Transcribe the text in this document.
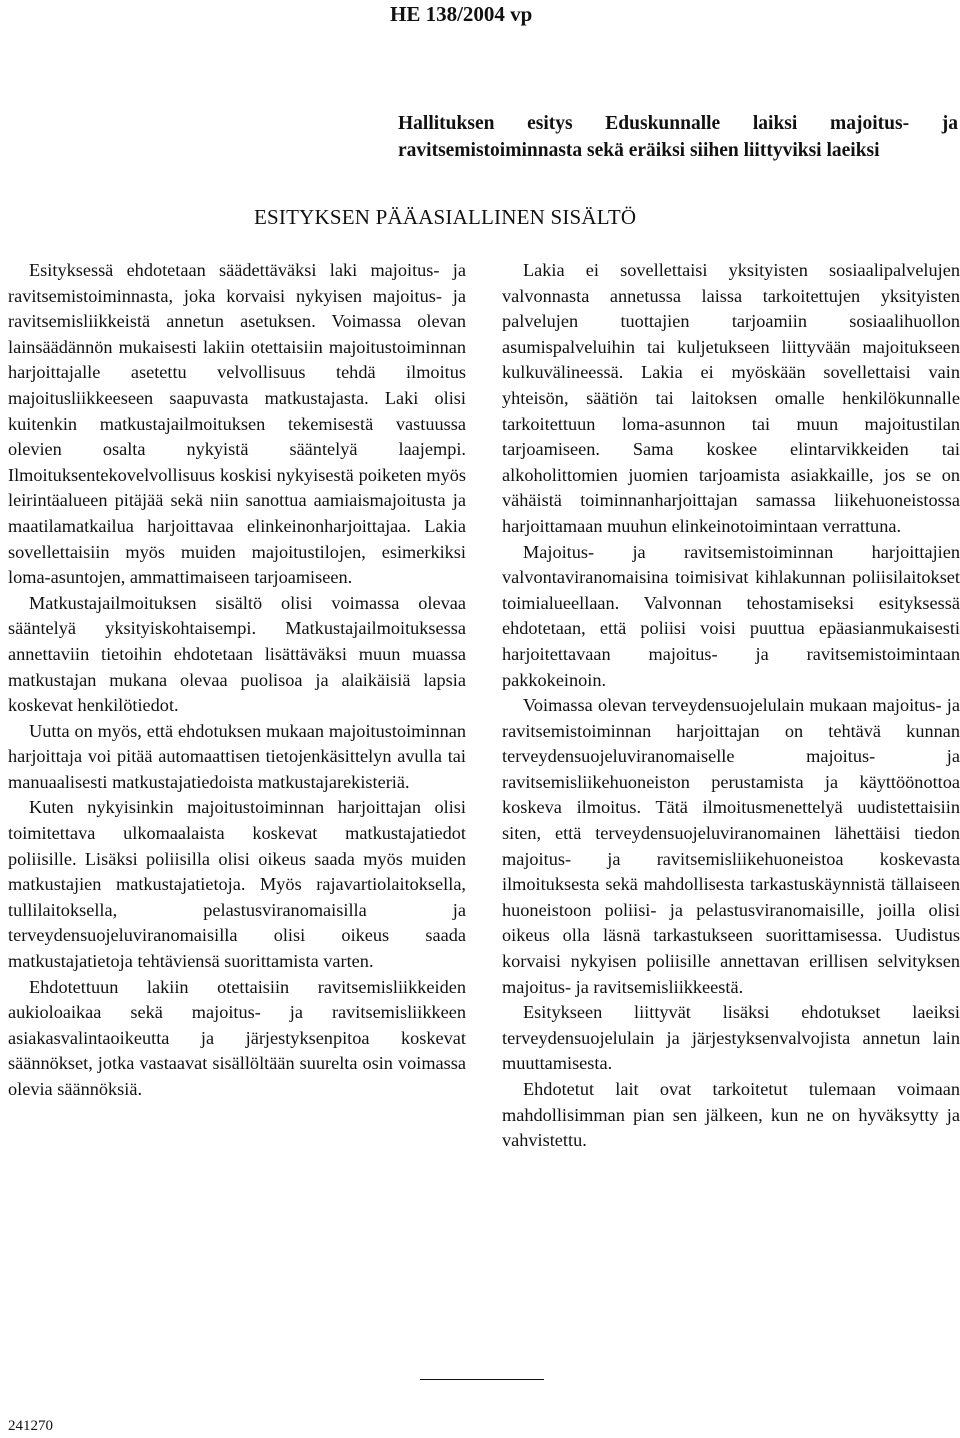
HE 138/2004 vp
Hallituksen esitys Eduskunnalle laiksi majoitus- ja ravitsemistoiminnasta sekä eräiksi siihen liittyviksi laeiksi
ESITYKSEN PÄÄASIALLINEN SISÄLTÖ

Esityksessä ehdotetaan säädettäväksi laki majoitus- ja ravitsemistoiminnasta, joka korvaisi nykyisen majoitus- ja ravitsemisliikkeistä annetun asetuksen. Voimassa olevan lainsäädännön mukaisesti lakiin otettaisiin majoitustoiminnan harjoittajalle asetettu velvollisuus tehdä ilmoitus majoitusliikkeeseen saapuvasta matkustajasta. Laki olisi kuitenkin matkustajailmoituksen tekemisestä vastuussa olevien osalta nykyistä sääntelyä laajempi. Ilmoituksentekovelvollisuus koskisi nykyisestä poiketen myös leirintäalueen pitäjää sekä niin sanottua aamiaismajoitusta ja maatilamatkailua harjoittavaa elinkeinonharjoittajaa. Lakia sovellettaisiin myös muiden majoitustilojen, esimerkiksi loma-asuntojen, ammattimaiseen tarjoamiseen.

Matkustajailmoituksen sisältö olisi voimassa olevaa sääntelyä yksityiskohtaisempi. Matkustajailmoituksessa annettaviin tietoihin ehdotetaan lisättäväksi muun muassa matkustajan mukana olevaa puolisoa ja alaikäisiä lapsia koskevat henkilötiedot.

Uutta on myös, että ehdotuksen mukaan majoitustoiminnan harjoittaja voi pitää automaattisen tietojenkäsittelyn avulla tai manuaalisesti matkustajatiedoista matkustajarekisteriä.

Kuten nykyisinkin majoitustoiminnan harjoittajan olisi toimitettava ulkomaalaista koskevat matkustajatiedot poliisille. Lisäksi poliisilla olisi oikeus saada myös muiden matkustajien matkustajatietoja. Myös rajavartiolaitoksella, tullilaitoksella, pelastusviranomaisilla ja terveydensuojeluviranomaisilla olisi oikeus saada matkustajatietoja tehtäviensä suorittamista varten.

Ehdotettuun lakiin otettaisiin ravitsemisliikkeiden aukioloaikaa sekä majoitus- ja ravitsemisliikkeen asiakasvalintaoikeutta ja järjestyksenpitoa koskevat säännökset, jotka vastaavat sisällöltään suurelta osin voimassa olevia säännöksiä.

Lakia ei sovellettaisi yksityisten sosiaalipalvelujen valvonnasta annetussa laissa tarkoitettujen yksityisten palvelujen tuottajien tarjoamiin sosiaalihuollon asumispalveluihin tai kuljetukseen liittyvään majoitukseen kulkuvälineessä. Lakia ei myöskään sovellettaisi vain yhteisön, säätiön tai laitoksen omalle henkilökunnalle tarkoitettuun loma-asunnon tai muun majoitustilan tarjoamiseen. Sama koskee elintarvikkeiden tai alkoholittomien juomien tarjoamista asiakkaille, jos se on vähäistä toiminnanharjoittajan samassa liikehuoneistossa harjoittamaan muuhun elinkeinotoimintaan verrattuna.

Majoitus- ja ravitsemistoiminnan harjoittajien valvontaviranomaisina toimisivat kihlakunnan poliisilaitokset toimialueellaan. Valvonnan tehostamiseksi esityksessä ehdotetaan, että poliisi voisi puuttua epäasianmukaisesti harjoitettavaan majoitus- ja ravitsemistoimintaan pakkokeinoin.

Voimassa olevan terveydensuojelulain mukaan majoitus- ja ravitsemistoiminnan harjoittajan on tehtävä kunnan terveydensuojeluviranomaiselle majoitus- ja ravitsemisliikehuoneiston perustamista ja käyttöönottoa koskeva ilmoitus. Tätä ilmoitusmenettelyä uudistettaisiin siten, että terveydensuojeluviranomainen lähettäisi tiedon majoitus- ja ravitsemisliikehuoneistoa koskevasta ilmoituksesta sekä mahdollisesta tarkastuskäynnistä tällaiseen huoneistoon poliisi- ja pelastusviranomaisille, joilla olisi oikeus olla läsnä tarkastukseen suorittamisessa. Uudistus korvaisi nykyisen poliisille annettavan erillisen selvityksen majoitus- ja ravitsemisliikkeestä.

Esitykseen liittyvät lisäksi ehdotukset laeiksi terveydensuojelulain ja järjestyksenvalvojista annetun lain muuttamisesta.

Ehdotetut lait ovat tarkoitetut tulemaan voimaan mahdollisimman pian sen jälkeen, kun ne on hyväksytty ja vahvistettu.

241270
